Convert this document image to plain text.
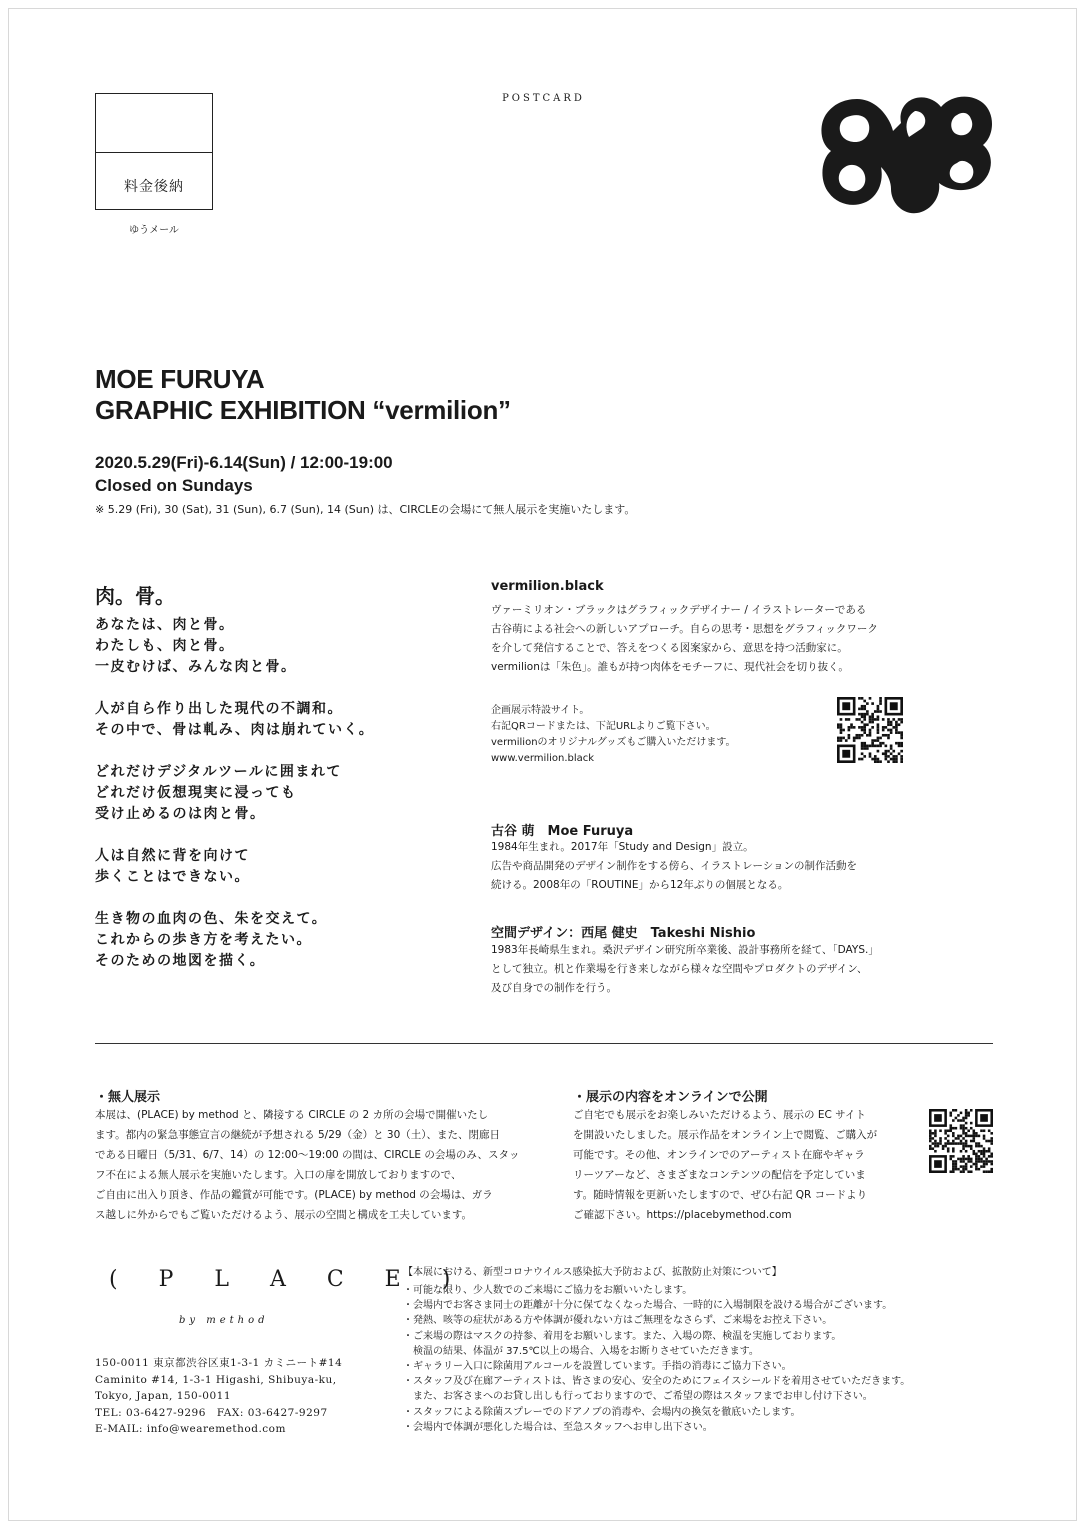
料金後納
ゆうメール
POSTCARD
MOE FURUYA
GRAPHIC EXHIBITION “vermilion”
2020.5.29(Fri)-6.14(Sun) / 12:00-19:00
Closed on Sundays
※ 5.29 (Fri), 30 (Sat), 31 (Sun), 6.7 (Sun), 14 (Sun) は、CIRCLEの会場にて無人展示を実施いたします。
肉。骨。
あなたは、肉と骨。
わたしも、肉と骨。
一皮むけば、みんな肉と骨。
人が自ら作り出した現代の不調和。
その中で、骨は軋み、肉は崩れていく。
どれだけデジタルツールに囲まれて
どれだけ仮想現実に浸っても
受け止めるのは肉と骨。
人は自然に背を向けて
歩くことはできない。
生き物の血肉の色、朱を交えて。
これからの歩き方を考えたい。
そのための地図を描く。
vermilion.black
ヴァーミリオン・ブラックはグラフィックデザイナー / イラストレーターである
古谷萌による社会への新しいアプローチ。自らの思考・思想をグラフィックワーク
を介して発信することで、答えをつくる図案家から、意思を持つ活動家に。
vermilionは「朱色」。誰もが持つ肉体をモチーフに、現代社会を切り抜く。
企画展示特設サイト。
右記QRコードまたは、下記URLよりご覧下さい。
vermilionのオリジナルグッズもご購入いただけます。
www.vermilion.black
古谷 萌　Moe Furuya
1984年生まれ。2017年「Study and Design」設立。
広告や商品開発のデザイン制作をする傍ら、イラストレーションの制作活動を
続ける。2008年の「ROUTINE」から12年ぶりの個展となる。
空間デザイン：西尾 健史　Takeshi Nishio
1983年長崎県生まれ。桑沢デザイン研究所卒業後、設計事務所を経て、「DAYS.」
として独立。机と作業場を行き来しながら様々な空間やプロダクトのデザイン、
及び自身での制作を行う。
・無人展示
本展は、(PLACE) by method と、隣接する CIRCLE の 2 カ所の会場で開催いたし
ます。都内の緊急事態宣言の継続が予想される 5/29（金）と 30（土）、また、閉廊日
である日曜日（5/31、6/7、14）の 12:00〜19:00 の間は、CIRCLE の会場のみ、スタッ
フ不在による無人展示を実施いたします。入口の扉を開放しておりますので、
ご自由に出入り頂き、作品の鑑賞が可能です。(PLACE) by method の会場は、ガラ
ス越しに外からでもご覧いただけるよう、展示の空間と構成を工夫しています。
・展示の内容をオンラインで公開
ご自宅でも展示をお楽しみいただけるよう、展示の EC サイト
を開設いたしました。展示作品をオンライン上で閲覧、ご購入が
可能です。その他、オンラインでのアーティスト在廊やギャラ
リーツアーなど、さまざまなコンテンツの配信を予定していま
す。随時情報を更新いたしますので、ぜひ右記 QR コードより
ご確認下さい。https://placebymethod.com
( P L A C E )
by method
150-0011 東京都渋谷区東1-3-1 カミニート#14
Caminito #14, 1-3-1 Higashi, Shibuya-ku,
Tokyo, Japan, 150-0011
TEL: 03-6427-9296　FAX: 03-6427-9297
E-MAIL: info@wearemethod.com
【本展における、新型コロナウイルス感染拡大予防および、拡散防止対策について】
・可能な限り、少人数でのご来場にご協力をお願いいたします。
・会場内でお客さま同士の距離が十分に保てなくなった場合、一時的に入場制限を設ける場合がございます。
・発熱、咳等の症状がある方や体調が優れない方はご無理をなさらず、ご来場をお控え下さい。
・ご来場の際はマスクの持参、着用をお願いします。また、入場の際、検温を実施しております。
　検温の結果、体温が 37.5℃以上の場合、入場をお断りさせていただきます。
・ギャラリー入口に除菌用アルコールを設置しています。手指の消毒にご協力下さい。
・スタッフ及び在廊アーティストは、皆さまの安心、安全のためにフェイスシールドを着用させていただきます。
　また、お客さまへのお貸し出しも行っておりますので、ご希望の際はスタッフまでお申し付け下さい。
・スタッフによる除菌スプレーでのドアノブの消毒や、会場内の換気を徹底いたします。
・会場内で体調が悪化した場合は、至急スタッフへお申し出下さい。
